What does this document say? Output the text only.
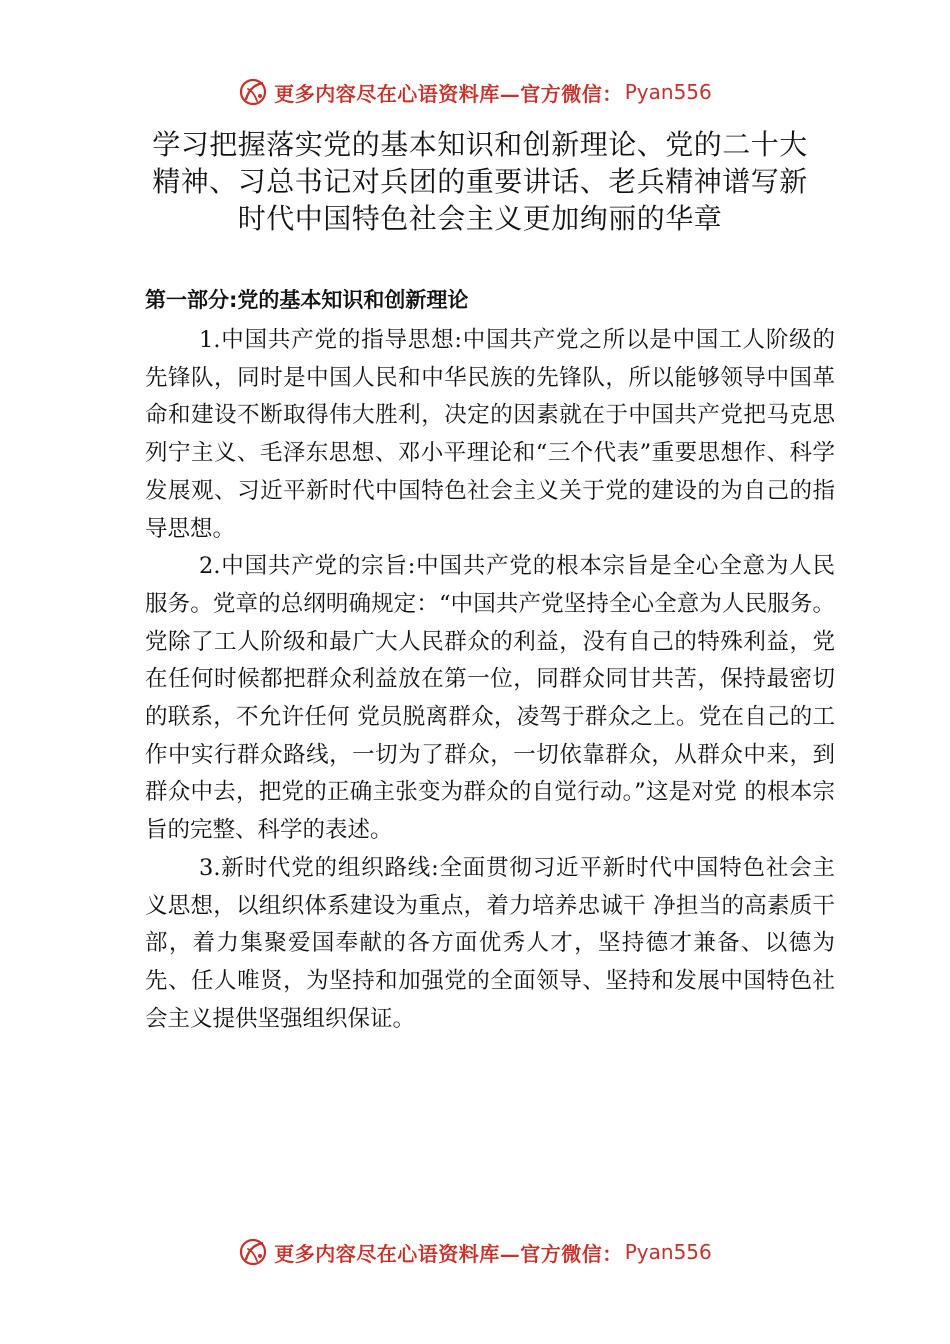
更多内容尽在心语资料库—官方微信： Pyan556
学习把握落实党的基本知识和创新理论、党的二十大精神、习总书记对兵团的重要讲话、老兵精神谱写新时代中国特色社会主义更加绚丽的华章
第一部分:党的基本知识和创新理论

1.中国共产党的指导思想:中国共产党之所以是中国工人阶级的先锋队，同时是中国人民和中华民族的先锋队，所以能够领导中国革命和建设不断取得伟大胜利，决定的因素就在于中国共产党把马克思列宁主义、毛泽东思想、邓小平理论和“三个代表”重要思想作、科学发展观、习近平新时代中国特色社会主义关于党的建设的为自己的指导思想。

2.中国共产党的宗旨:中国共产党的根本宗旨是全心全意为人民服务。党章的总纲明确规定：“中国共产党坚持全心全意为人民服务。党除了工人阶级和最广大人民群众的利益，没有自己的特殊利益，党在任何时候都把群众利益放在第一位，同群众同甘共苦，保持最密切的联系，不允许任何 党员脱离群众，凌驾于群众之上。党在自己的工作中实行群众路线，一切为了群众，一切依靠群众，从群众中来，到群众中去，把党的正确主张变为群众的自觉行动。”这是对党 的根本宗旨的完整、科学的表述。

3.新时代党的组织路线:全面贯彻习近平新时代中国特色社会主义思想，以组织体系建设为重点，着力培养忠诚干 净担当的高素质干部，着力集聚爱国奉献的各方面优秀人才，坚持德才兼备、以德为先、任人唯贤，为坚持和加强党的全面领导、坚持和发展中国特色社会主义提供坚强组织保证。

更多内容尽在心语资料库—官方微信： Pyan556
